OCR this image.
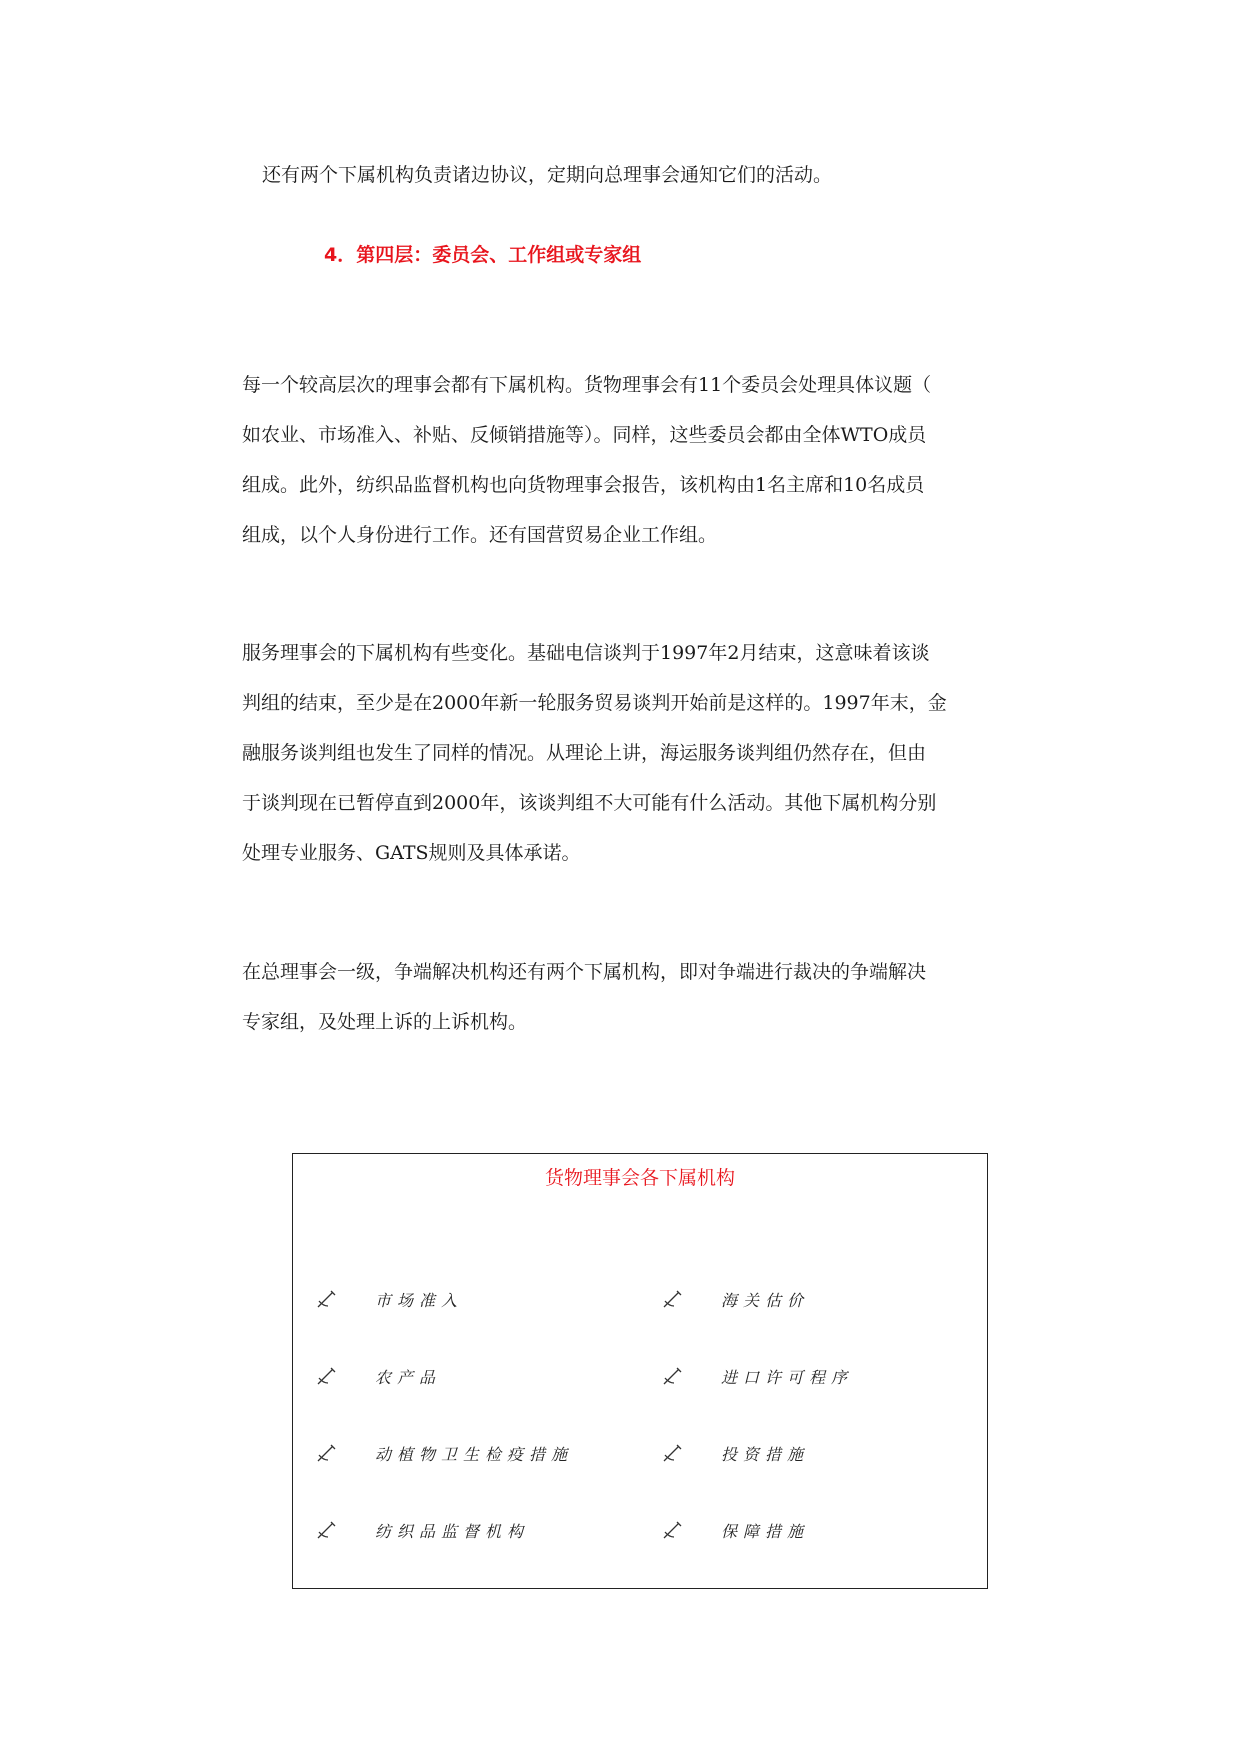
还有两个下属机构负责诸边协议，定期向总理事会通知它们的活动。

4．第四层：委员会、工作组或专家组

每一个较高层次的理事会都有下属机构。货物理事会有11个委员会处理具体议题（
如农业、市场准入、补贴、反倾销措施等）。同样，这些委员会都由全体WTO成员
组成。此外，纺织品监督机构也向货物理事会报告，该机构由1名主席和10名成员
组成，以个人身份进行工作。还有国营贸易企业工作组。

服务理事会的下属机构有些变化。基础电信谈判于1997年2月结束，这意味着该谈
判组的结束，至少是在2000年新一轮服务贸易谈判开始前是这样的。1997年末，金
融服务谈判组也发生了同样的情况。从理论上讲，海运服务谈判组仍然存在，但由
于谈判现在已暂停直到2000年，该谈判组不大可能有什么活动。其他下属机构分别
处理专业服务、GATS规则及具体承诺。

在总理事会一级，争端解决机构还有两个下属机构，即对争端进行裁决的争端解决
专家组，及处理上诉的上诉机构。

货物理事会各下属机构

市场准入
农产品
动植物卫生检疫措施
纺织品监督机构
海关估价
进口许可程序
投资措施
保障措施
